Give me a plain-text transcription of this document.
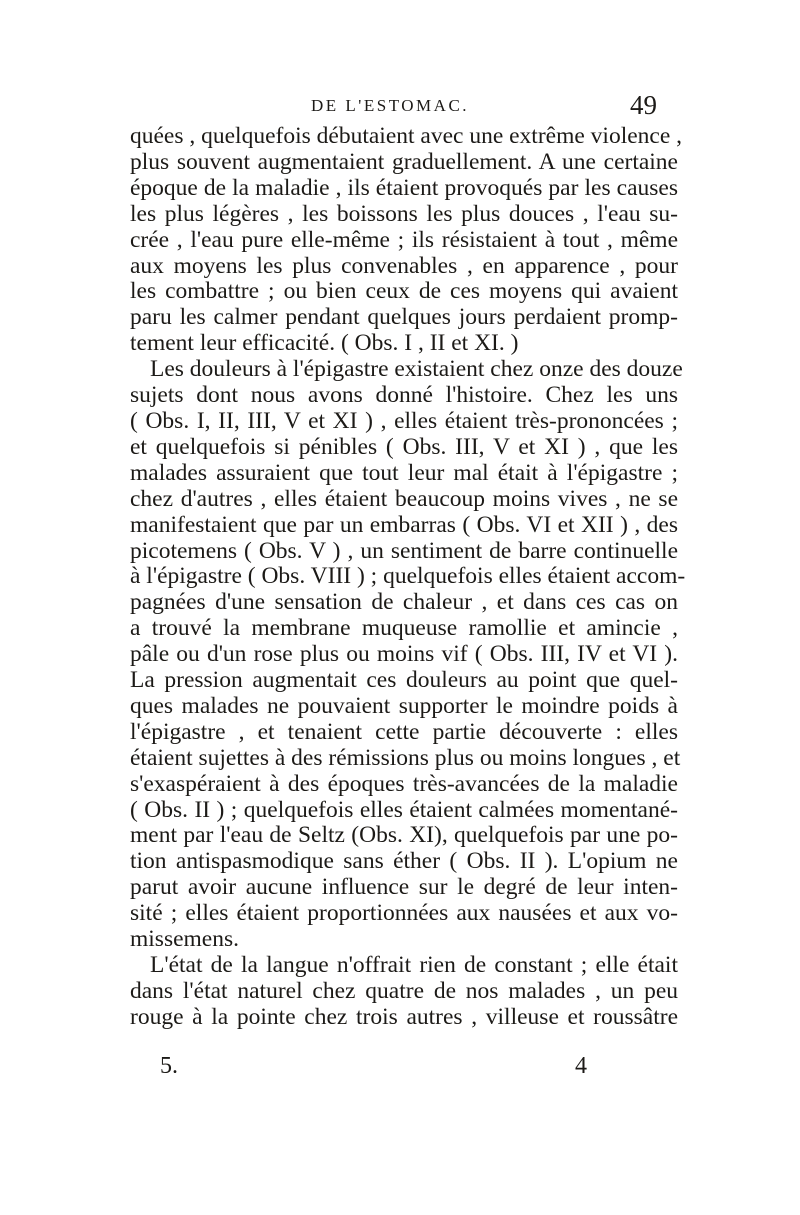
DE L'ESTOMAC.	49
quées , quelquefois débutaient avec une extrême violence ,
plus souvent augmentaient graduellement. A une certaine
époque de la maladie , ils étaient provoqués par les causes
les plus légères , les boissons les plus douces , l'eau su-
crée , l'eau pure elle-même ; ils résistaient à tout , même
aux moyens les plus convenables , en apparence , pour
les combattre ; ou bien ceux de ces moyens qui avaient
paru les calmer pendant quelques jours perdaient promp-
tement leur efficacité. ( Obs. I , II et XI. )
Les douleurs à l'épigastre existaient chez onze des douze
sujets dont nous avons donné l'histoire. Chez les uns
( Obs. I, II, III, V et XI ) , elles étaient très-prononcées ;
et quelquefois si pénibles ( Obs. III, V et XI ) , que les
malades assuraient que tout leur mal était à l'épigastre ;
chez d'autres , elles étaient beaucoup moins vives , ne se
manifestaient que par un embarras ( Obs. VI et XII ) , des
picotemens ( Obs. V ) , un sentiment de barre continuelle
à l'épigastre ( Obs. VIII ) ; quelquefois elles étaient accom-
pagnées d'une sensation de chaleur , et dans ces cas on
a trouvé la membrane muqueuse ramollie et amincie ,
pâle ou d'un rose plus ou moins vif ( Obs. III, IV et VI ).
La pression augmentait ces douleurs au point que quel-
ques malades ne pouvaient supporter le moindre poids à
l'épigastre , et tenaient cette partie découverte : elles
étaient sujettes à des rémissions plus ou moins longues , et
s'exaspéraient à des époques très-avancées de la maladie
( Obs. II ) ; quelquefois elles étaient calmées momentané-
ment par l'eau de Seltz (Obs. XI), quelquefois par une po-
tion antispasmodique sans éther ( Obs. II ). L'opium ne
parut avoir aucune influence sur le degré de leur inten-
sité ; elles étaient proportionnées aux nausées et aux vo-
missemens.
L'état de la langue n'offrait rien de constant ; elle était
dans l'état naturel chez quatre de nos malades , un peu
rouge à la pointe chez trois autres , villeuse et roussâtre
5.	4
